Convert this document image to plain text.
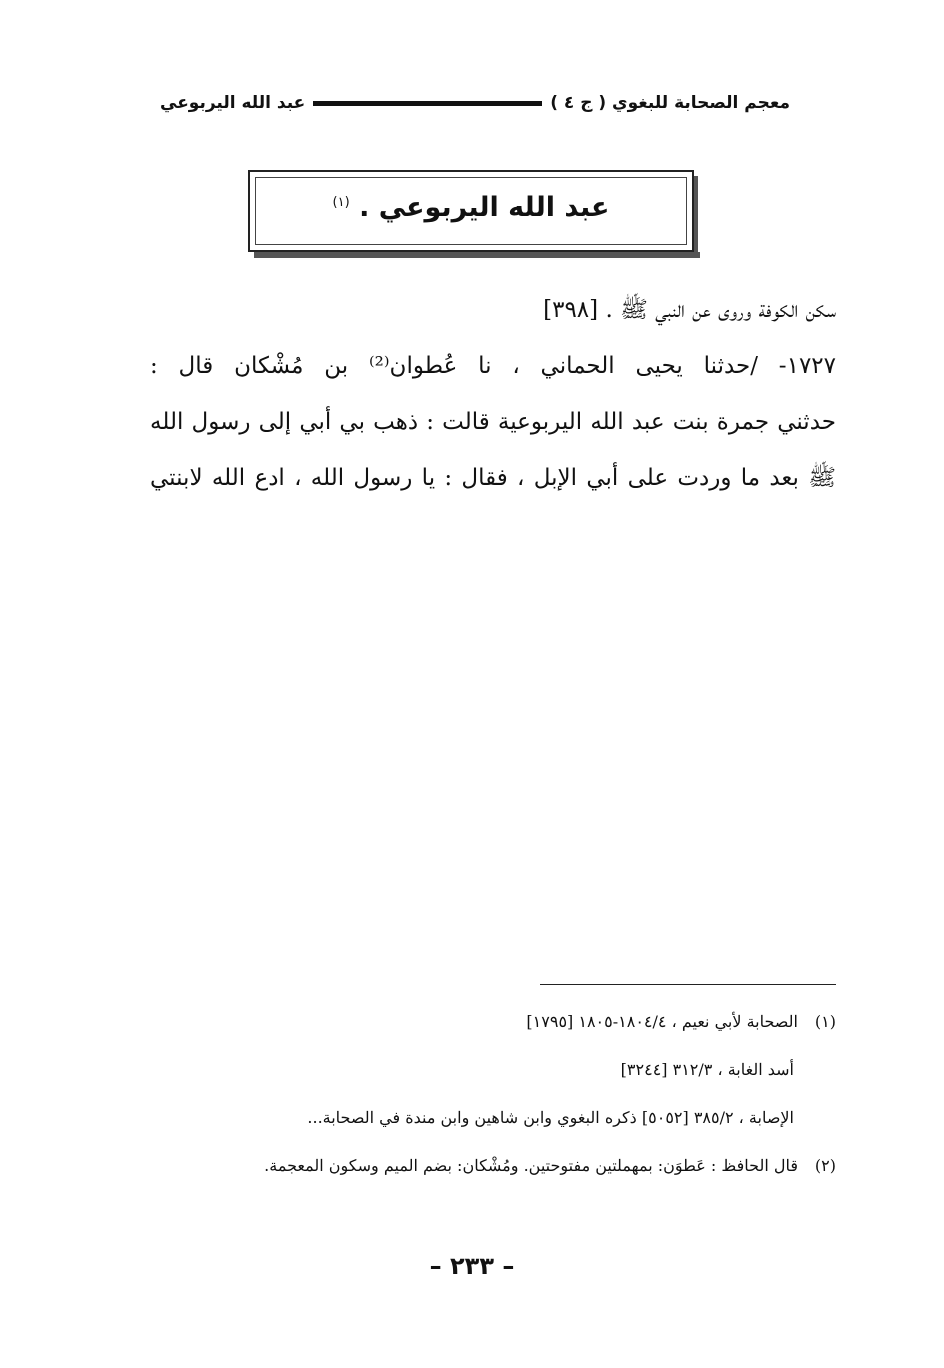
معجم الصحابة للبغوي ( ج ٤ )
عبد الله اليربوعي
عبد الله اليربوعي . $^{(١)}$
سكن الكوفة وروى عن النبي ﷺ . [٣٩٨]
١٧٢٧- /حدثنا يحيى الحماني ، نا عُطوان⁽²⁾ بن مُشْكان قال :
حدثني جمرة بنت عبد الله اليربوعية قالت : ذهب بي أبي إلى رسول الله
ﷺ بعد ما وردت على أبي الإبل ، فقال : يا رسول الله ، ادع الله لابنتي
(١)الصحابة لأبي نعيم ، ١٨٠٤/٤-١٨٠٥ [١٧٩٥]
أسد الغابة ، ٣١٢/٣ [٣٢٤٤]
الإصابة ، ٣٨٥/٢ [٥٠٥٢] ذكره البغوي وابن شاهين وابن مندة في الصحابة...
(٢)قال الحافظ : عَطوَن: بمهملتين مفتوحتين. ومُشْكان: بضم الميم وسكون المعجمة.
– ٢٣٣ –
